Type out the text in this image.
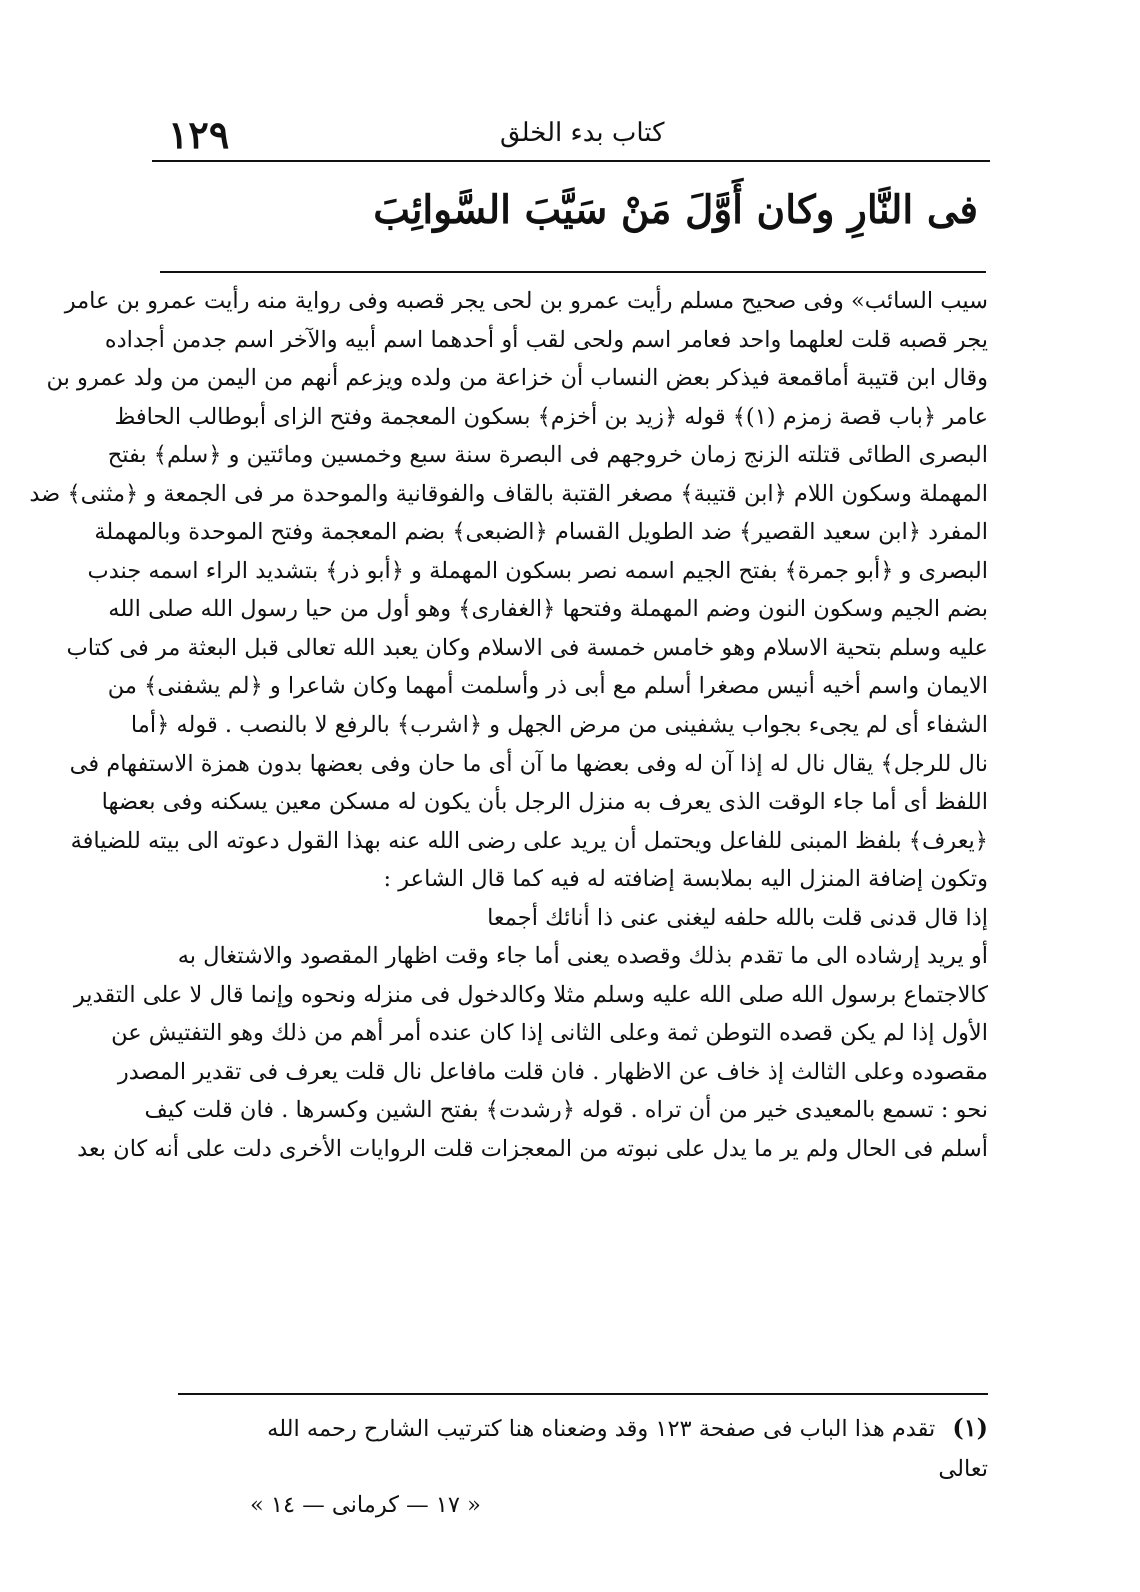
١٢٩	كتاب بدء الخلق
فى النَّارِ وكان أَوَّلَ مَنْ سَيَّبَ السَّوائِبَ
سيب السائب» وفى صحيح مسلم رأيت عمرو بن لحى يجر قصبه وفى رواية منه رأيت عمرو بن عامر
يجر قصبه قلت لعلهما واحد فعامر اسم ولحى لقب أو أحدهما اسم أبيه والآخر اسم جدمن أجداده
وقال ابن قتيبة أماقمعة فيذكر بعض النساب أن خزاعة من ولده ويزعم أنهم من اليمن من ولد عمرو بن
عامر ﴿باب قصة زمزم (١)﴾ قوله ﴿زيد بن أخزم﴾ بسكون المعجمة وفتح الزاى أبوطالب الحافظ
البصرى الطائى قتلته الزنج زمان خروجهم فى البصرة سنة سبع وخمسين ومائتين و ﴿سلم﴾ بفتح
المهملة وسكون اللام ﴿ابن قتيبة﴾ مصغر القتبة بالقاف والفوقانية والموحدة مر فى الجمعة و ﴿مثنى﴾ ضد
المفرد ﴿ابن سعيد القصير﴾ ضد الطويل القسام ﴿الضبعى﴾ بضم المعجمة وفتح الموحدة وبالمهملة
البصرى و ﴿أبو جمرة﴾ بفتح الجيم اسمه نصر بسكون المهملة و ﴿أبو ذر﴾ بتشديد الراء اسمه جندب
بضم الجيم وسكون النون وضم المهملة وفتحها ﴿الغفارى﴾ وهو أول من حيا رسول الله صلى الله
عليه وسلم بتحية الاسلام وهو خامس خمسة فى الاسلام وكان يعبد الله تعالى قبل البعثة مر فى كتاب
الايمان واسم أخيه أنيس مصغرا أسلم مع أبى ذر وأسلمت أمهما وكان شاعرا و ﴿لم يشفنى﴾ من
الشفاء أى لم يجىء بجواب يشفينى من مرض الجهل و ﴿اشرب﴾ بالرفع لا بالنصب . قوله ﴿أما
نال للرجل﴾ يقال نال له إذا آن له وفى بعضها ما آن أى ما حان وفى بعضها بدون همزة الاستفهام فى
اللفظ أى أما جاء الوقت الذى يعرف به منزل الرجل بأن يكون له مسكن معين يسكنه وفى بعضها
﴿يعرف﴾ بلفظ المبنى للفاعل ويحتمل أن يريد على رضى الله عنه بهذا القول دعوته الى بيته للضيافة
وتكون إضافة المنزل اليه بملابسة إضافته له فيه كما قال الشاعر :
إذا قال قدنى قلت بالله حلفه ليغنى عنى ذا أنائك أجمعا
أو يريد إرشاده الى ما تقدم بذلك وقصده يعنى أما جاء وقت اظهار المقصود والاشتغال به
كالاجتماع برسول الله صلى الله عليه وسلم مثلا وكالدخول فى منزله ونحوه وإنما قال لا على التقدير
الأول إذا لم يكن قصده التوطن ثمة وعلى الثانى إذا كان عنده أمر أهم من ذلك وهو التفتيش عن
مقصوده وعلى الثالث إذ خاف عن الاظهار . فان قلت مافاعل نال قلت يعرف فى تقدير المصدر
نحو : تسمع بالمعيدى خير من أن تراه . قوله ﴿رشدت﴾ بفتح الشين وكسرها . فان قلت كيف
أسلم فى الحال ولم ير ما يدل على نبوته من المعجزات قلت الروايات الأخرى دلت على أنه كان بعد
(١) تقدم هذا الباب فى صفحة ١٢٣ وقد وضعناه هنا كترتيب الشارح رحمه الله
تعالى
« ١٧ — كرمانى — ١٤ »
